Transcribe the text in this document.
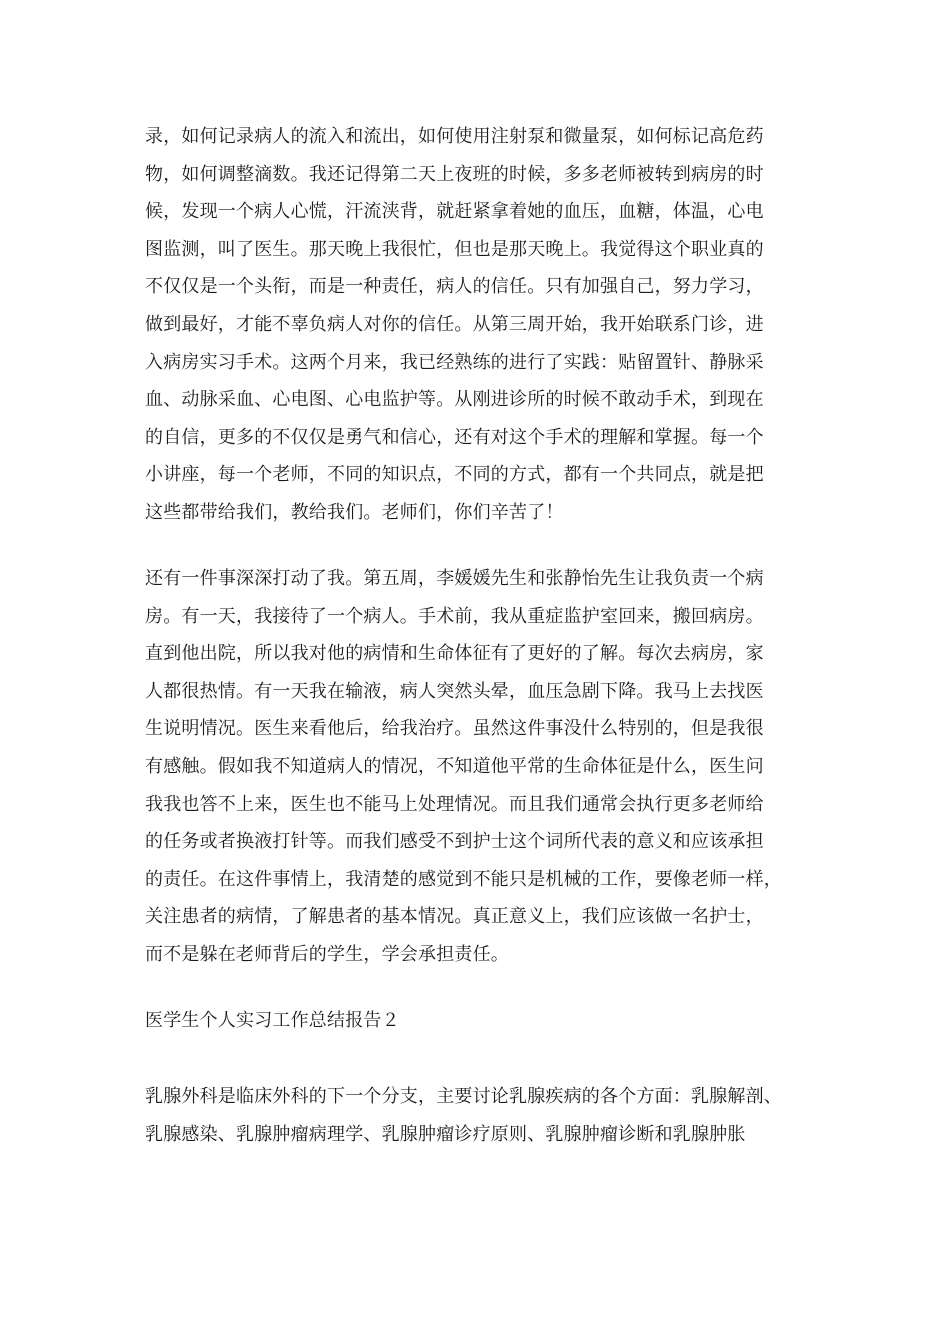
录，如何记录病人的流入和流出，如何使用注射泵和微量泵，如何标记高危药
物，如何调整滴数。我还记得第二天上夜班的时候，多多老师被转到病房的时
候，发现一个病人心慌，汗流浃背，就赶紧拿着她的血压，血糖，体温，心电
图监测，叫了医生。那天晚上我很忙，但也是那天晚上。我觉得这个职业真的
不仅仅是一个头衔，而是一种责任，病人的信任。只有加强自己，努力学习，
做到最好，才能不辜负病人对你的信任。从第三周开始，我开始联系门诊，进
入病房实习手术。这两个月来，我已经熟练的进行了实践：贴留置针、静脉采
血、动脉采血、心电图、心电监护等。从刚进诊所的时候不敢动手术，到现在
的自信，更多的不仅仅是勇气和信心，还有对这个手术的理解和掌握。每一个
小讲座，每一个老师，不同的知识点，不同的方式，都有一个共同点，就是把
这些都带给我们，教给我们。老师们，你们辛苦了！
还有一件事深深打动了我。第五周，李媛媛先生和张静怡先生让我负责一个病
房。有一天，我接待了一个病人。手术前，我从重症监护室回来，搬回病房。
直到他出院，所以我对他的病情和生命体征有了更好的了解。每次去病房，家
人都很热情。有一天我在输液，病人突然头晕，血压急剧下降。我马上去找医
生说明情况。医生来看他后，给我治疗。虽然这件事没什么特别的，但是我很
有感触。假如我不知道病人的情况，不知道他平常的生命体征是什么，医生问
我我也答不上来，医生也不能马上处理情况。而且我们通常会执行更多老师给
的任务或者换液打针等。而我们感受不到护士这个词所代表的意义和应该承担
的责任。在这件事情上，我清楚的感觉到不能只是机械的工作，要像老师一样，
关注患者的病情，了解患者的基本情况。真正意义上，我们应该做一名护士，
而不是躲在老师背后的学生，学会承担责任。
医学生个人实习工作总结报告２
乳腺外科是临床外科的下一个分支，主要讨论乳腺疾病的各个方面：乳腺解剖、
乳腺感染、乳腺肿瘤病理学、乳腺肿瘤诊疗原则、乳腺肿瘤诊断和乳腺肿胀
